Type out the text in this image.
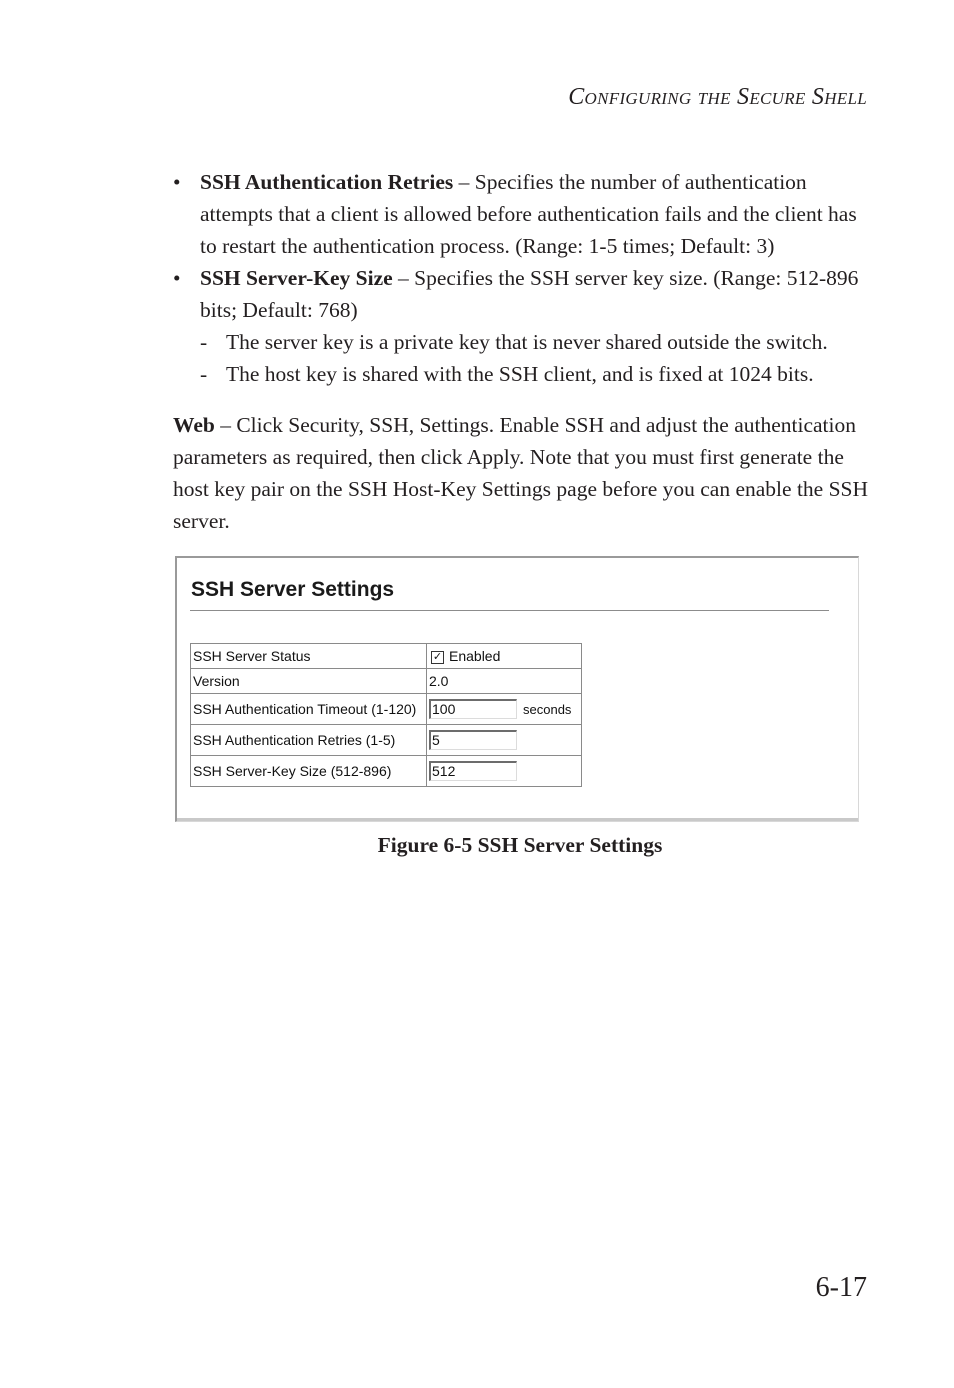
Configuring the Secure Shell

• SSH Authentication Retries – Specifies the number of authentication attempts that a client is allowed before authentication fails and the client has to restart the authentication process. (Range: 1-5 times; Default: 3)

• SSH Server-Key Size – Specifies the SSH server key size. (Range: 512-896 bits; Default: 768)

- The server key is a private key that is never shared outside the switch.

- The host key is shared with the SSH client, and is fixed at 1024 bits.

Web – Click Security, SSH, Settings. Enable SSH and adjust the authentication parameters as required, then click Apply. Note that you must first generate the host key pair on the SSH Host-Key Settings page before you can enable the SSH server.

SSH Server Settings
SSH Server Status	✓ Enabled
Version	2.0
SSH Authentication Timeout (1-120)	100 seconds
SSH Authentication Retries (1-5)	5
SSH Server-Key Size (512-896)	512
Figure 6-5 SSH Server Settings
6-17
